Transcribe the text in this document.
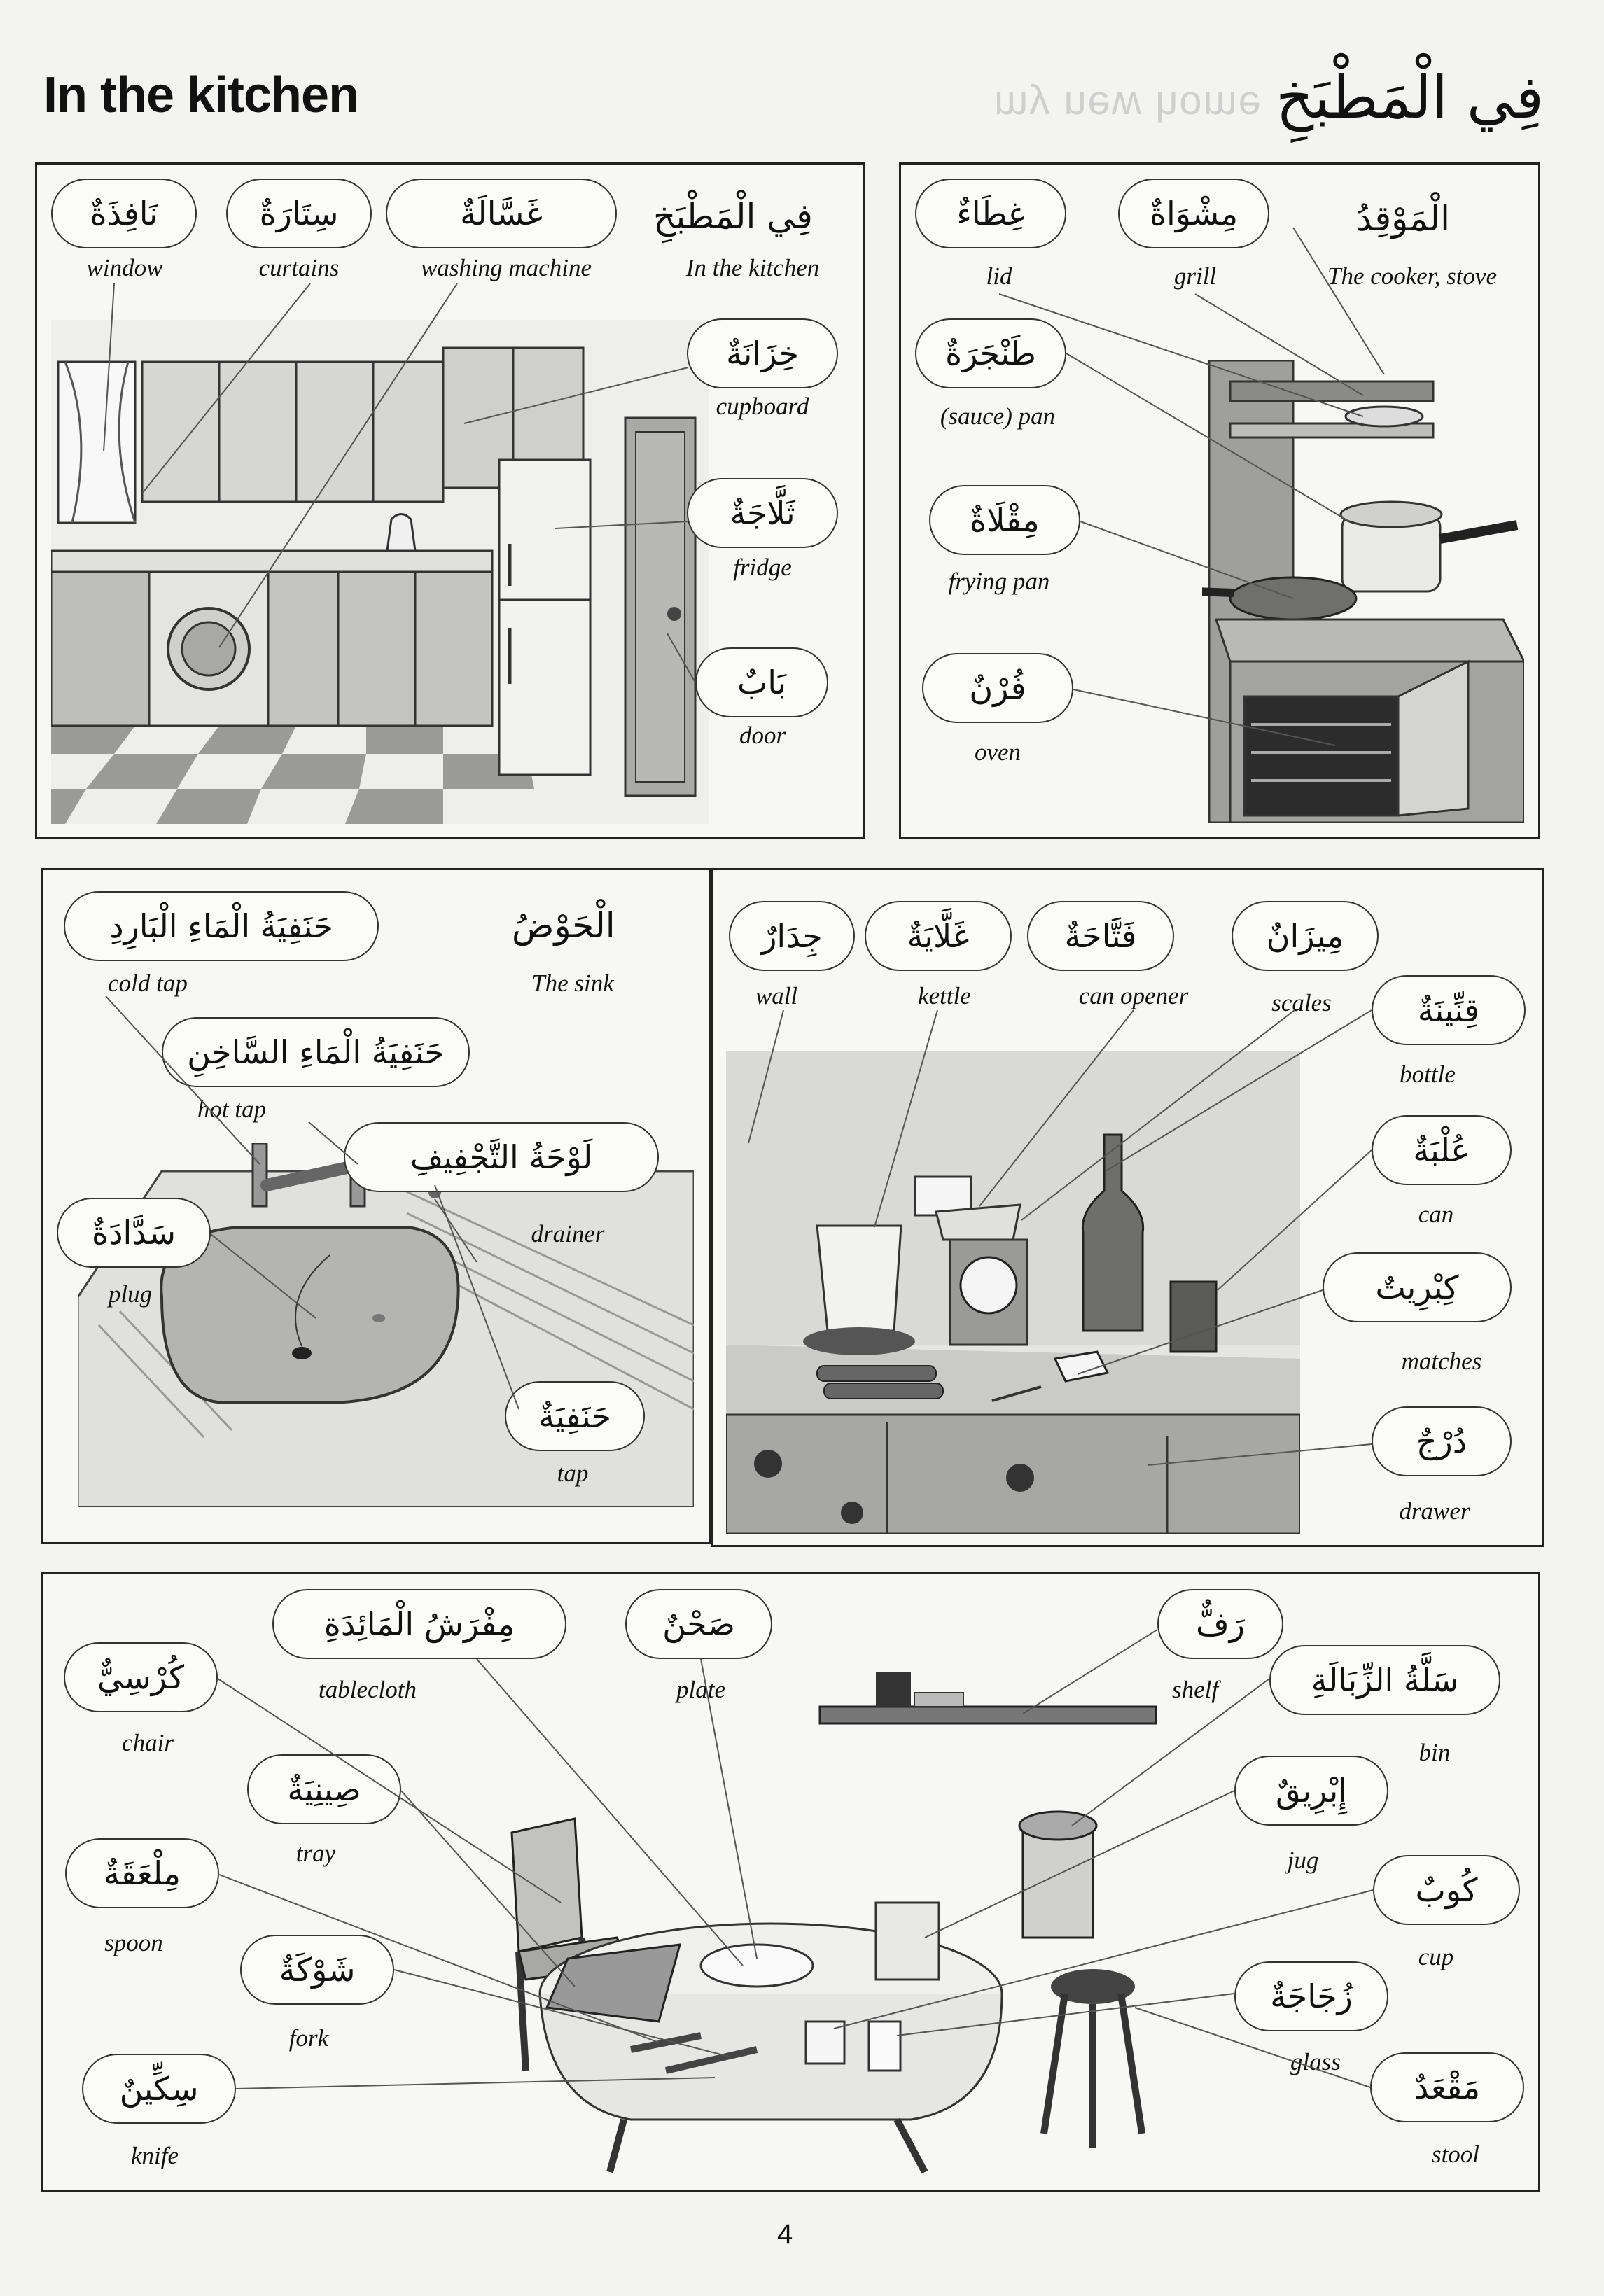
my new home
In the kitchen	فِي الْمَطْبَخِ
نَافِذَةٌ
window
سِتَارَةٌ
curtains
غَسَّالَةٌ
washing machine
فِي الْمَطْبَخِ
In the kitchen
خِزَانَةٌ
cupboard
ثَلَّاجَةٌ
fridge
بَابٌ
door
غِطَاءٌ
lid
مِشْوَاةٌ
grill
الْمَوْقِدُ
The cooker, stove
طَنْجَرَةٌ
(sauce) pan
مِقْلَاةٌ
frying pan
فُرْنٌ
oven
حَنَفِيَةُ الْمَاءِ الْبَارِدِ
cold tap
الْحَوْضُ
The sink
حَنَفِيَةُ الْمَاءِ السَّاخِنِ
hot tap
لَوْحَةُ التَّجْفِيفِ
drainer
سَدَّادَةٌ
plug
حَنَفِيَةٌ
tap
جِدَارٌ
wall
غَلَّايَةٌ
kettle
فَتَّاحَةٌ
can opener
مِيزَانٌ
scales	قِنِّينَةٌ
bottle
عُلْبَةٌ
can
كِبْرِيتٌ
matches
دُرْجٌ
drawer
مِفْرَشُ الْمَائِدَةِ
tablecloth
صَحْنٌ
plate
رَفٌّ
shelf
كُرْسِيٌّ
chair
سَلَّةُ الزِّبَالَةِ
bin
صِينِيَةٌ
tray
إِبْرِيقٌ
jug
مِلْعَقَةٌ
spoon
كُوبٌ
cup
شَوْكَةٌ
fork
زُجَاجَةٌ
glass
سِكِّينٌ
knife
مَقْعَدٌ
stool
4
